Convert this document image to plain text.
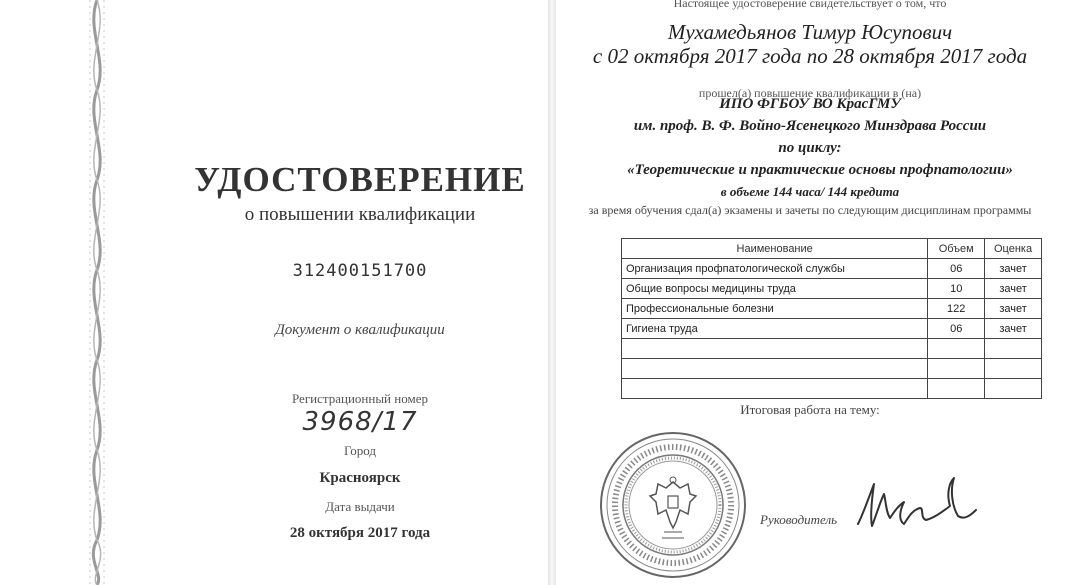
УДОСТОВЕРЕНИЕ
о повышении квалификации
312400151700
Документ о квалификации
Регистрационный номер
3968/17
Город
Красноярск
Дата выдачи
28 октября 2017 года
Настоящее удостоверение свидетельствует о том, что
Мухамедьянов Тимур Юсупович
с 02 октября 2017 года по 28 октября 2017 года
прошел(а) повышение квалификации в (на)
ИПО ФГБОУ ВО КрасГМУ
им. проф. В. Ф. Войно-Ясенецкого Минздрава России
по циклу:
«Теоретические и практические основы профпатологии»
в объеме 144 часа/ 144 кредита
за время обучения сдал(а) экзамены и зачеты по следующим дисциплинам программы
Наименование	Объем	Оценка
Организация профпатологической службы	06	зачет
Общие вопросы медицины труда	10	зачет
Профессиональные болезни	122	зачет
Гигиена труда	06	зачет

Итоговая работа на тему:
Руководитель
